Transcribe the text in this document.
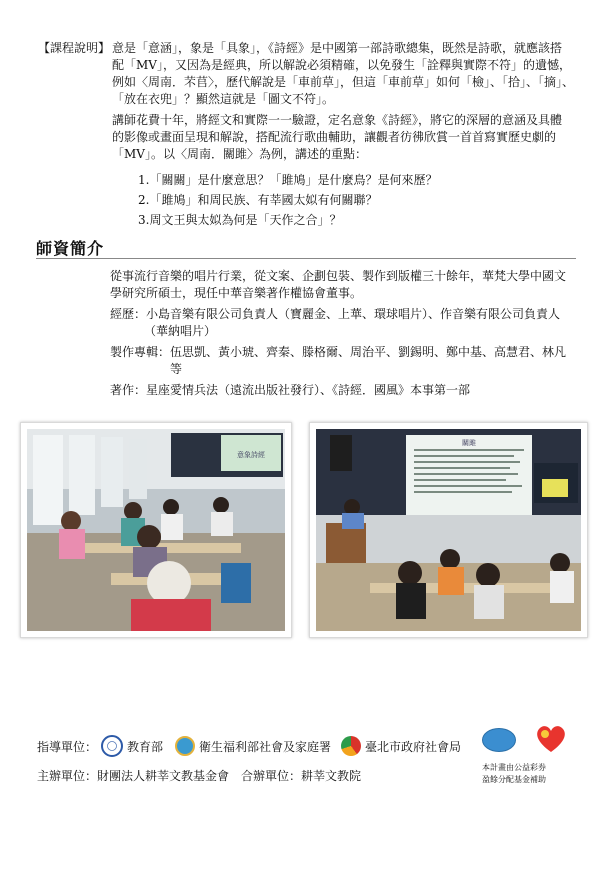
【課程說明】 意是「意涵」，象是「具象」，《詩經》是中國第一部詩歌總集，既然是詩歌，就應該搭
配「MV」，又因為是經典，所以解說必須精確，以免發生「詮釋與實際不符」的遺憾，
例如〈周南．芣苢〉，歷代解說是「車前草」，但這「車前草」如何「檢」、「拾」、「摘」、
「放在衣兜」？顯然這就是「圖文不符」。
講師花費十年，將經文和實際一一驗證，定名意象《詩經》，將它的深層的意涵及具體
的影像或畫面呈現和解說，搭配流行歌曲輔助，讓觀者彷彿欣賞一首首寫實歷史劇的
「MV」。以〈周南．關雎〉為例，講述的重點：
1.「關關」是什麼意思？「雎鳩」是什麼鳥？是何來歷？
2.「雎鳩」和周民族、有莘國太姒有何關聯？
3.周文王與太姒為何是「天作之合」？
師資簡介
從事流行音樂的唱片行業，從文案、企劃包裝、製作到版權三十餘年，華梵大學中國文
學研究所碩士，現任中華音樂著作權協會董事。
經歷：小島音樂有限公司負責人（寶麗金、上華、環球唱片）、作音樂有限公司負責人
（華納唱片）
製作專輯：伍思凱、黃小琥、齊秦、滕格爾、周治平、劉錫明、鄭中基、高慧君、林凡
等
著作：星座愛情兵法（遠流出版社發行）、《詩經．國風》本事第一部
意象詩經
關雎
指導單位：	教育部	衛生福利部社會及家庭署	臺北市政府社會局
主辦單位：財團法人耕莘文教基金會　合辦單位：耕莘文教院
本計畫由公益彩券
盈餘分配基金補助
